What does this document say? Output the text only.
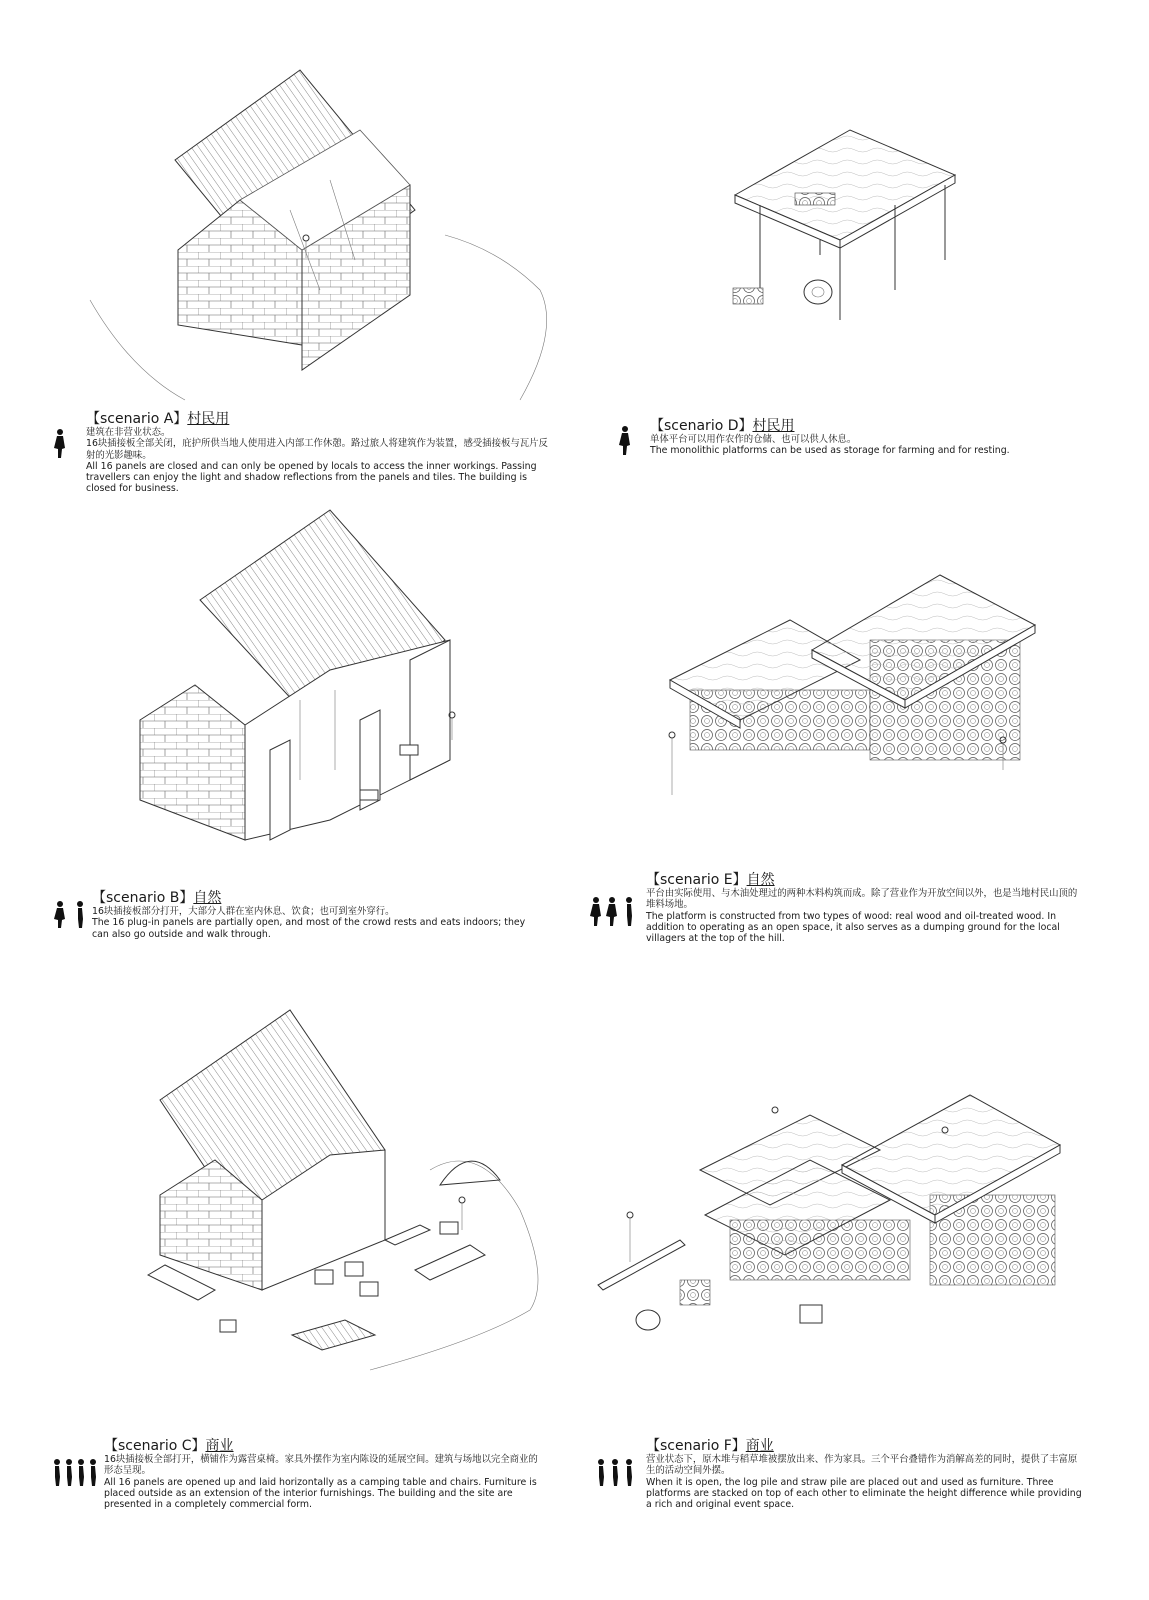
【scenario A】村民用

建筑在非营业状态。
16块插接板全部关闭，庇护所供当地人使用进入内部工作休憩。路过旅人将建筑作为装置，感受插接板与瓦片反射的光影趣味。

All 16 panels are closed and can only be opened by locals to access the inner workings. Passing travellers can enjoy the light and shadow reflections from the panels and tiles. The building is closed for business.

【scenario D】村民用

单体平台可以用作农作的仓储、也可以供人休息。

The monolithic platforms can be used as storage for farming and for resting.

【scenario B】自然

16块插接板部分打开，大部分人群在室内休息、饮食；也可到室外穿行。

The 16 plug-in panels are partially open, and most of the crowd rests and eats indoors; they can also go outside and walk through.

【scenario E】自然

平台由实际使用、与木油处理过的两种木料构筑而成。除了营业作为开放空间以外，也是当地村民山顶的堆料场地。

The platform is constructed from two types of wood: real wood and oil-treated wood. In addition to operating as an open space, it also serves as a dumping ground for the local villagers at the top of the hill.

【scenario C】商业

16块插接板全部打开，横铺作为露营桌椅。家具外摆作为室内陈设的延展空间。建筑与场地以完全商业的形态呈现。

All 16 panels are opened up and laid horizontally as a camping table and chairs. Furniture is placed outside as an extension of the interior furnishings. The building and the site are presented in a completely commercial form.

【scenario F】商业

营业状态下，原木堆与稻草堆被摆放出来、作为家具。三个平台叠错作为消解高差的同时，提供了丰富原生的活动空间外摆。

When it is open, the log pile and straw pile are placed out and used as furniture. Three platforms are stacked on top of each other to eliminate the height difference while providing a rich and original event space.
